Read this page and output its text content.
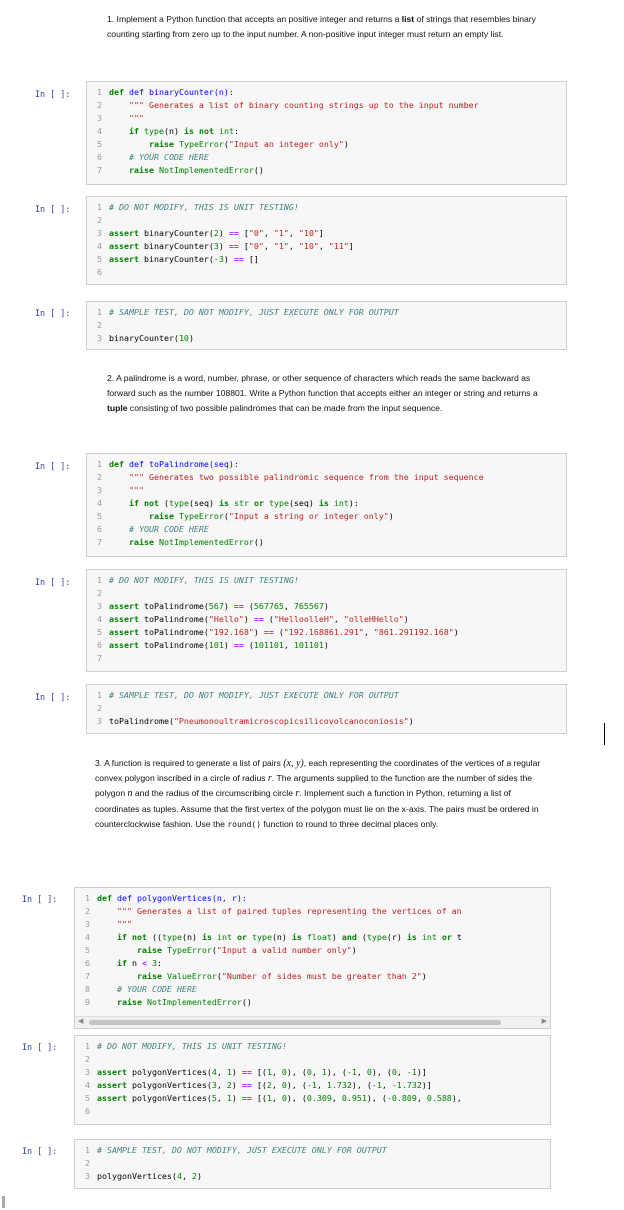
1. Implement a Python function that accepts an positive integer and returns a list of strings that resembles binary counting starting from zero up to the input number. A non-positive input integer must return an empty list.

In [ ]:	1 def def binaryCounter(n):
2 """ Generates a list of binary counting strings up to the input number
3 """
4	if type(n) is not int:
5	raise TypeError("Input an integer only")
6 # YOUR CODE HERE
7	raise NotImplementedError()
In [ ]:	1 # DO NOT MODIFY, THIS IS UNIT TESTING!
2
3 assert binaryCounter(2) == ["0", "1", "10"]
4 assert binaryCounter(3) == ["0", "1", "10", "11"]
5 assert binaryCounter(-3) == []
6
In [ ]:	1 # SAMPLE TEST, DO NOT MODIFY, JUST EXECUTE ONLY FOR OUTPUT
2
3 binaryCounter(10)

2. A palindrome is a word, number, phrase, or other sequence of characters which reads the same backward as forward such as the number 108801. Write a Python function that accepts either an integer or string and returns a tuple consisting of two possible palindromes that can be made from the input sequence.

In [ ]:	1 def def toPalindrome(seq):
2 """ Generates two possible palindromic sequence from the input sequence
3 """
4	if not (type(seq) is str or type(seq) is int):
5	raise TypeError("Input a string or integer only")
6 # YOUR CODE HERE
7	raise NotImplementedError()
In [ ]:	1 # DO NOT MODIFY, THIS IS UNIT TESTING!
2
3 assert toPalindrome(567) == (567765, 765567)
4 assert toPalindrome("Hello") == ("HelloolleH", "olleHHello")
5 assert toPalindrome("192.168") == ("192.168861.291", "861.291192.168")
6 assert toPalindrome(101) == (101101, 101101)
7
In [ ]:	1 # SAMPLE TEST, DO NOT MODIFY, JUST EXECUTE ONLY FOR OUTPUT
2
3 toPalindrome("Pneumonoultramicroscopicsilicovolcanoconiosis")

3. A function is required to generate a list of pairs (x, y), each representing the coordinates of the vertices of a regular convex polygon inscribed in a circle of radius r. The arguments supplied to the function are the number of sides the polygon n and the radius of the circumscribing circle r. Implement such a function in Python, returning a list of coordinates as tuples. Assume that the first vertex of the polygon must lie on the x-axis. The pairs must be ordered in counterclockwise fashion. Use the round() function to round to three decimal places only.

In [ ]:	1 def def polygonVertices(n, r):
2 """ Generates a list of paired tuples representing the vertices of an
3 """
4	if not ((type(n) is int or type(n) is float) and (type(r) is int or t
5	raise TypeError("Input a valid number only")
6	if n < 3:
7	raise ValueError("Number of sides must be greater than 2")
8 # YOUR CODE HERE
9	raise NotImplementedError()
◀	▶
In [ ]:	1 # DO NOT MODIFY, THIS IS UNIT TESTING!
2
3 assert polygonVertices(4, 1) == [(1, 0), (0, 1), (-1, 0), (0, -1)]
4 assert polygonVertices(3, 2) == [(2, 0), (-1, 1.732), (-1, -1.732)]
5 assert polygonVertices(5, 1) == [(1, 0), (0.309, 0.951), (-0.809, 0.588),
6
In [ ]:	1 # SAMPLE TEST, DO NOT MODIFY, JUST EXECUTE ONLY FOR OUTPUT
2
3 polygonVertices(4, 2)
